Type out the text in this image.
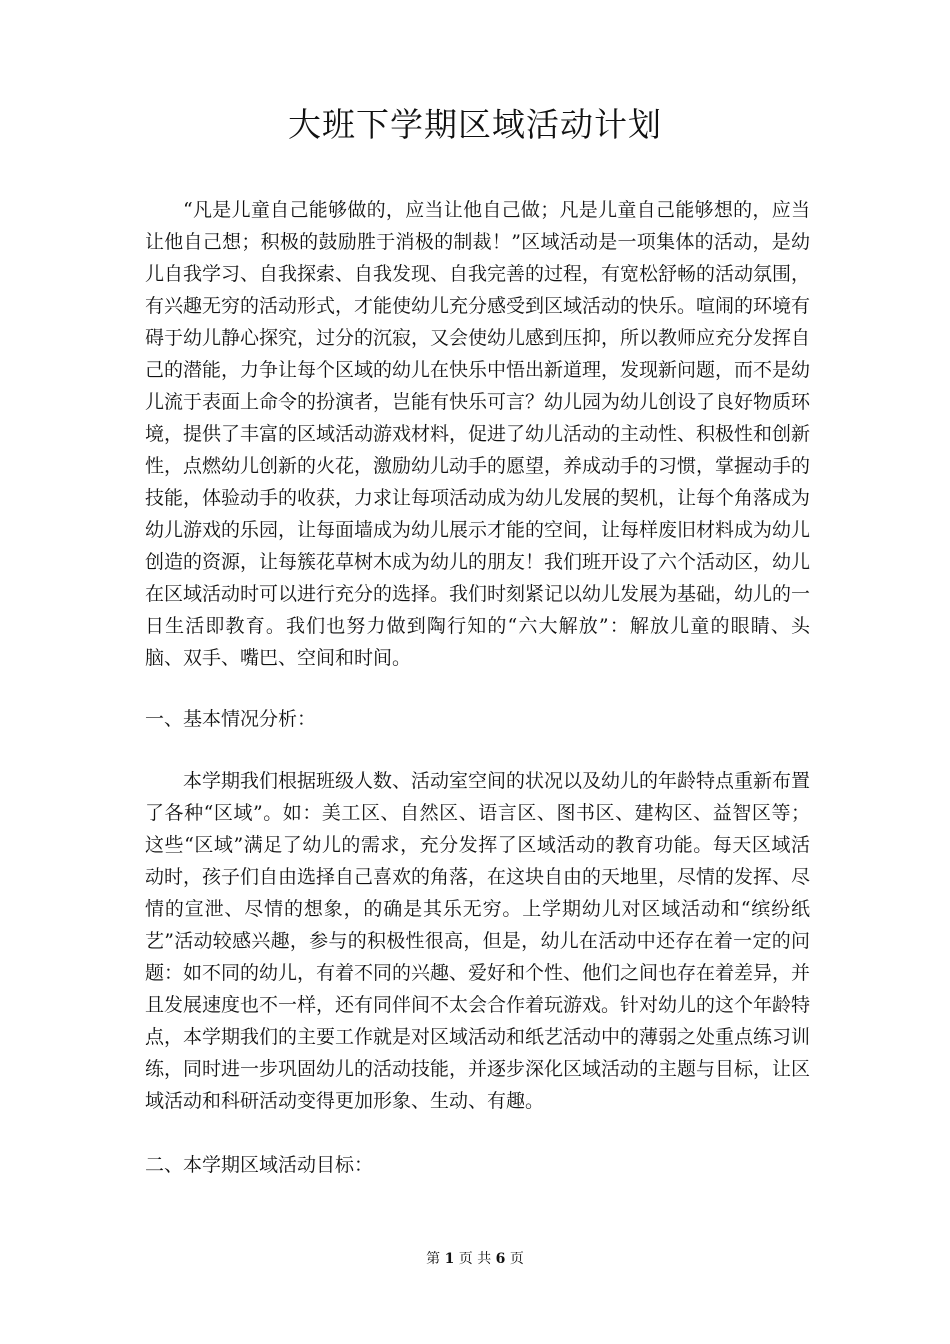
大班下学期区域活动计划

“凡是儿童自己能够做的，应当让他自己做；凡是儿童自己能够想的，应当让他自己想；积极的鼓励胜于消极的制裁！”区域活动是一项集体的活动，是幼儿自我学习、自我探索、自我发现、自我完善的过程，有宽松舒畅的活动氛围，有兴趣无穷的活动形式，才能使幼儿充分感受到区域活动的快乐。喧闹的环境有碍于幼儿静心探究，过分的沉寂，又会使幼儿感到压抑，所以教师应充分发挥自己的潜能，力争让每个区域的幼儿在快乐中悟出新道理，发现新问题，而不是幼儿流于表面上命令的扮演者，岂能有快乐可言？幼儿园为幼儿创设了良好物质环境，提供了丰富的区域活动游戏材料，促进了幼儿活动的主动性、积极性和创新性，点燃幼儿创新的火花，激励幼儿动手的愿望，养成动手的习惯，掌握动手的技能，体验动手的收获，力求让每项活动成为幼儿发展的契机，让每个角落成为幼儿游戏的乐园，让每面墙成为幼儿展示才能的空间，让每样废旧材料成为幼儿创造的资源，让每簇花草树木成为幼儿的朋友！我们班开设了六个活动区，幼儿在区域活动时可以进行充分的选择。我们时刻紧记以幼儿发展为基础，幼儿的一日生活即教育。我们也努力做到陶行知的“六大解放”：解放儿童的眼睛、头脑、双手、嘴巴、空间和时间。

一、基本情况分析：

本学期我们根据班级人数、活动室空间的状况以及幼儿的年龄特点重新布置了各种“区域”。如：美工区、自然区、语言区、图书区、建构区、益智区等；这些“区域”满足了幼儿的需求，充分发挥了区域活动的教育功能。每天区域活动时，孩子们自由选择自己喜欢的角落，在这块自由的天地里，尽情的发挥、尽情的宣泄、尽情的想象，的确是其乐无穷。上学期幼儿对区域活动和“缤纷纸艺”活动较感兴趣，参与的积极性很高，但是，幼儿在活动中还存在着一定的问题：如不同的幼儿，有着不同的兴趣、爱好和个性、他们之间也存在着差异，并且发展速度也不一样，还有同伴间不太会合作着玩游戏。针对幼儿的这个年龄特点，本学期我们的主要工作就是对区域活动和纸艺活动中的薄弱之处重点练习训练，同时进一步巩固幼儿的活动技能，并逐步深化区域活动的主题与目标，让区域活动和科研活动变得更加形象、生动、有趣。

二、本学期区域活动目标：
第 1 页 共 6 页
